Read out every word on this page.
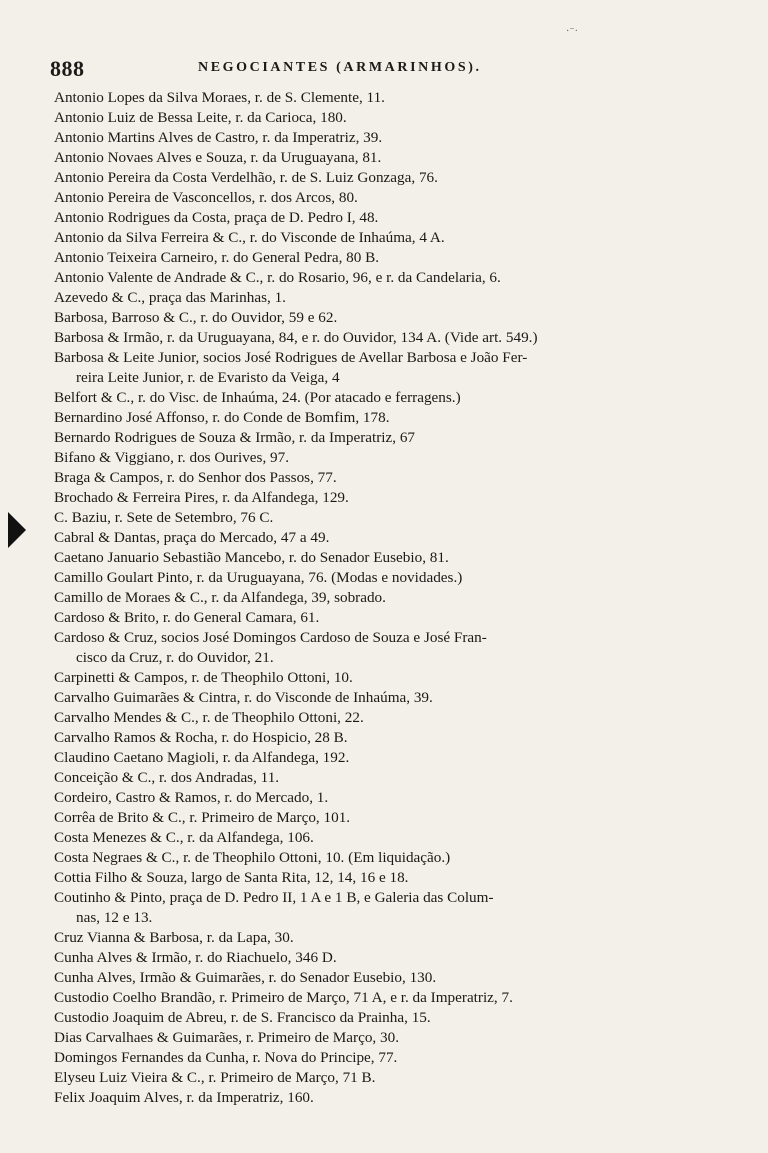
·⁻·
888	NEGOCIANTES (ARMARINHOS).
Antonio Lopes da Silva Moraes, r. de S. Clemente, 11.
Antonio Luiz de Bessa Leite, r. da Carioca, 180.
Antonio Martins Alves de Castro, r. da Imperatriz, 39.
Antonio Novaes Alves e Souza, r. da Uruguayana, 81.
Antonio Pereira da Costa Verdelhão, r. de S. Luiz Gonzaga, 76.
Antonio Pereira de Vasconcellos, r. dos Arcos, 80.
Antonio Rodrigues da Costa, praça de D. Pedro I, 48.
Antonio da Silva Ferreira & C., r. do Visconde de Inhaúma, 4 A.
Antonio Teixeira Carneiro, r. do General Pedra, 80 B.
Antonio Valente de Andrade & C., r. do Rosario, 96, e r. da Candelaria, 6.
Azevedo & C., praça das Marinhas, 1.
Barbosa, Barroso & C., r. do Ouvidor, 59 e 62.
Barbosa & Irmão, r. da Uruguayana, 84, e r. do Ouvidor, 134 A. (Vide art. 549.)
Barbosa & Leite Junior, socios José Rodrigues de Avellar Barbosa e João Fer-
reira Leite Junior, r. de Evaristo da Veiga, 4
Belfort & C., r. do Visc. de Inhaúma, 24. (Por atacado e ferragens.)
Bernardino José Affonso, r. do Conde de Bomfim, 178.
Bernardo Rodrigues de Souza & Irmão, r. da Imperatriz, 67
Bifano & Viggiano, r. dos Ourives, 97.
Braga & Campos, r. do Senhor dos Passos, 77.
Brochado & Ferreira Pires, r. da Alfandega, 129.
C. Baziu, r. Sete de Setembro, 76 C.
Cabral & Dantas, praça do Mercado, 47 a 49.
Caetano Januario Sebastião Mancebo, r. do Senador Eusebio, 81.
Camillo Goulart Pinto, r. da Uruguayana, 76. (Modas e novidades.)
Camillo de Moraes & C., r. da Alfandega, 39, sobrado.
Cardoso & Brito, r. do General Camara, 61.
Cardoso & Cruz, socios José Domingos Cardoso de Souza e José Fran-
cisco da Cruz, r. do Ouvidor, 21.
Carpinetti & Campos, r. de Theophilo Ottoni, 10.
Carvalho Guimarães & Cintra, r. do Visconde de Inhaúma, 39.
Carvalho Mendes & C., r. de Theophilo Ottoni, 22.
Carvalho Ramos & Rocha, r. do Hospicio, 28 B.
Claudino Caetano Magioli, r. da Alfandega, 192.
Conceição & C., r. dos Andradas, 11.
Cordeiro, Castro & Ramos, r. do Mercado, 1.
Corrêa de Brito & C., r. Primeiro de Março, 101.
Costa Menezes & C., r. da Alfandega, 106.
Costa Negraes & C., r. de Theophilo Ottoni, 10. (Em liquidação.)
Cottia Filho & Souza, largo de Santa Rita, 12, 14, 16 e 18.
Coutinho & Pinto, praça de D. Pedro II, 1 A e 1 B, e Galeria das Colum-
nas, 12 e 13.
Cruz Vianna & Barbosa, r. da Lapa, 30.
Cunha Alves & Irmão, r. do Riachuelo, 346 D.
Cunha Alves, Irmão & Guimarães, r. do Senador Eusebio, 130.
Custodio Coelho Brandão, r. Primeiro de Março, 71 A, e r. da Imperatriz, 7.
Custodio Joaquim de Abreu, r. de S. Francisco da Prainha, 15.
Dias Carvalhaes & Guimarães, r. Primeiro de Março, 30.
Domingos Fernandes da Cunha, r. Nova do Principe, 77.
Elyseu Luiz Vieira & C., r. Primeiro de Março, 71 B.
Felix Joaquim Alves, r. da Imperatriz, 160.
